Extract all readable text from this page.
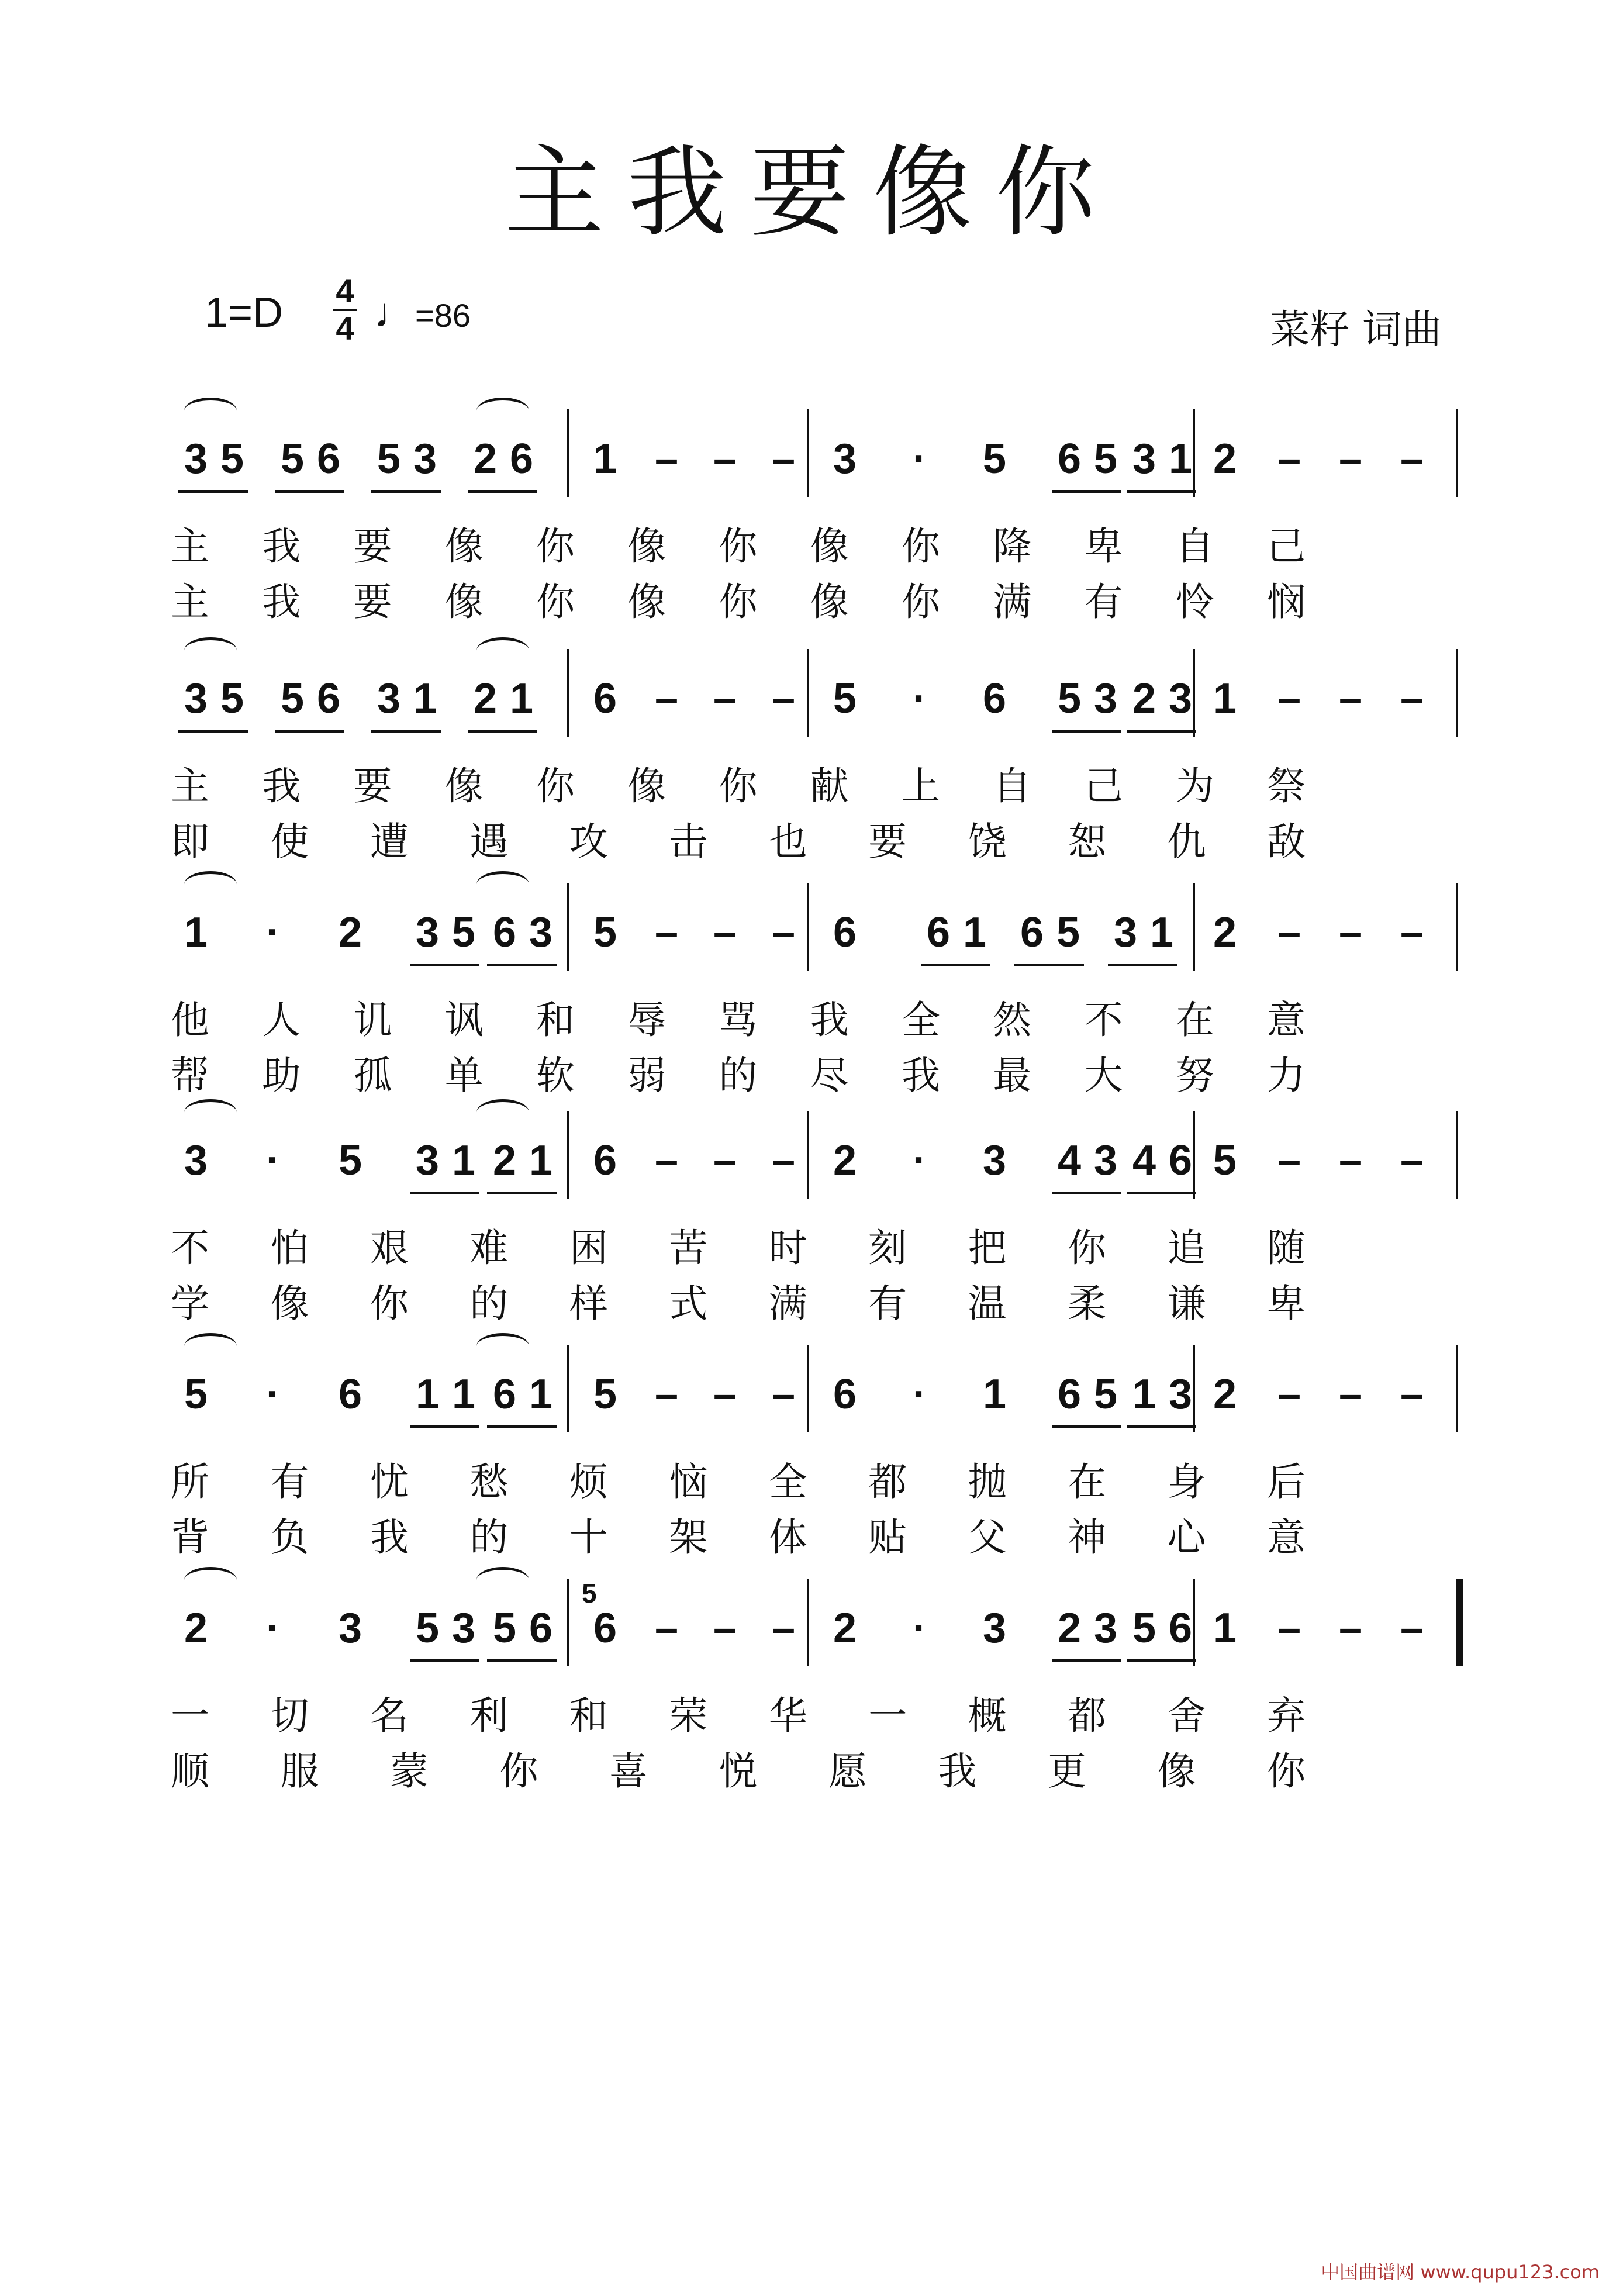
主我要像你
1=D 4
4 ♩=86	菜籽 词曲
3 5 5 6 5 3 2 6 1 – – – 3	·	5 6 5 3 1 2 – – –
主 我 要 像 你 像 你 像 你 降 卑 自 己
主 我 要 像 你 像 你 像 你 满 有 怜 悯
3 5 5 6 3 1 2 1 6 – – – 5	·	6 5 3 2 3 1 – – –
主 我 要 像 你 像 你 献 上 自 己 为 祭
即 使 遭 遇 攻 击 也 要 饶 恕 仇 敌
1	·	2 3 5 6 3 5 – – – 6 6 1 6 5 3 1 2 – – –
他 人 讥 讽 和 辱 骂 我 全 然 不 在 意
帮 助 孤 单 软 弱 的 尽 我 最 大 努 力
3	·	5 3 1 2 1 6 – – – 2	·	3 4 3 4 6 5 – – –
不 怕 艰 难 困 苦 时 刻 把 你 追 随
学 像 你 的 样 式 满 有 温 柔 谦 卑
5	·	6 1 1 6 1 5 – – – 6	·	1 6 5 1 3 2 – – –
所 有 忧 愁 烦 恼 全 都 抛 在 身 后
背 负 我 的 十 架 体 贴 父 神 心 意
2	·	3 5 3 5 6 6 – – – 2	·	3 2 3 5 6 1 – – –
5
一 切 名 利 和 荣 华 一 概 都 舍 弃
顺 服 蒙 你 喜 悦 愿 我 更 像 你
中国曲谱网 www.qupu123.com
